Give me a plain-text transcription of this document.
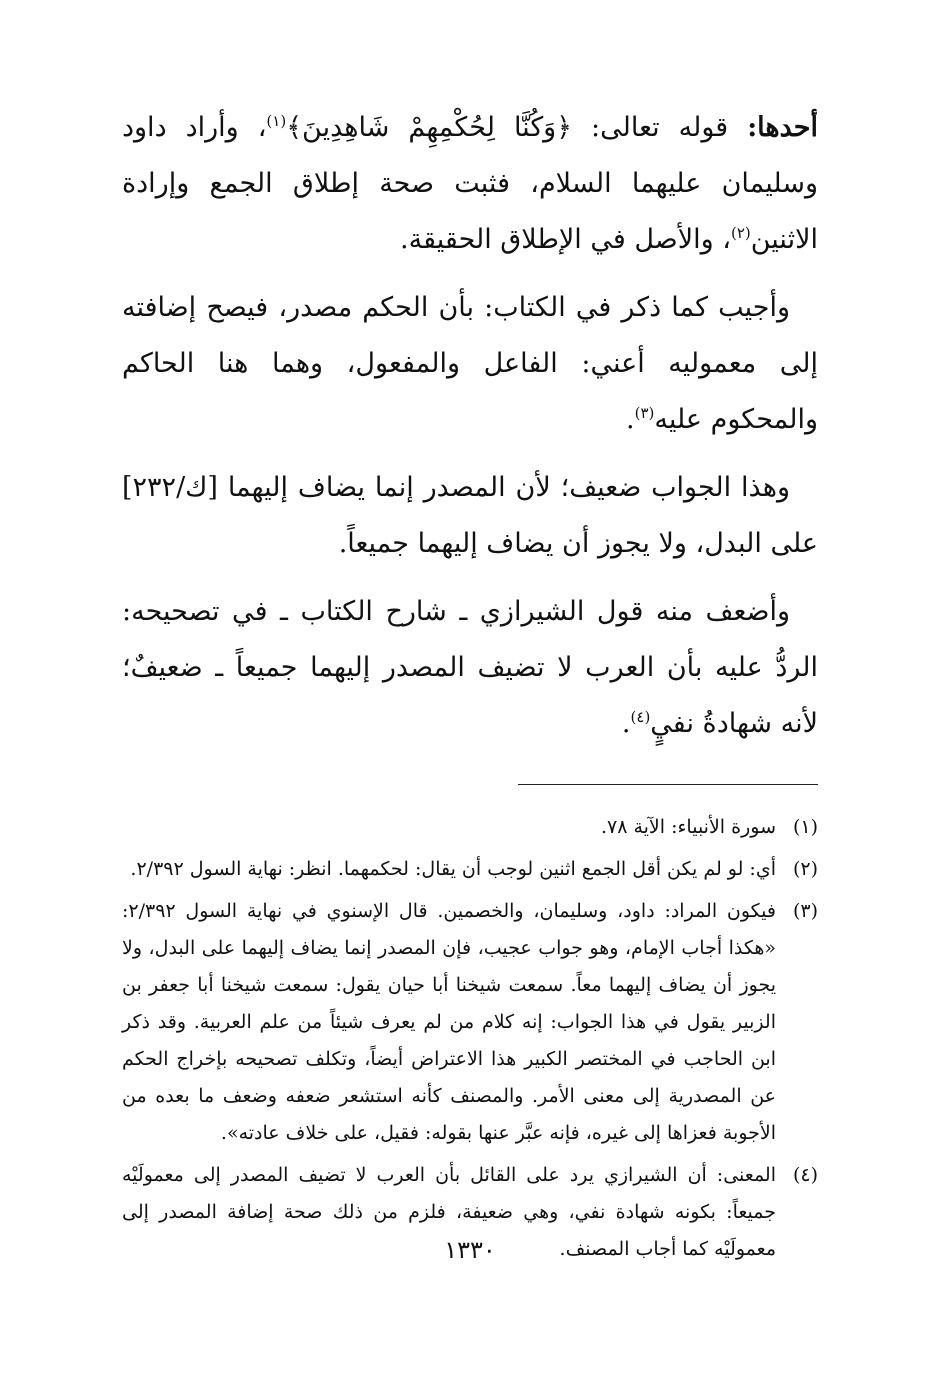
أحدها: قوله تعالى: ﴿وَكُنَّا لِحُكْمِهِمْ شَاهِدِينَ﴾$^{(١)}$، وأراد داود وسليمان عليهما السلام، فثبت صحة إطلاق الجمع وإرادة الاثنين$^{(٢)}$، والأصل في الإطلاق الحقيقة.

وأجيب كما ذكر في الكتاب: بأن الحكم مصدر، فيصح إضافته إلى معموليه أعني: الفاعل والمفعول، وهما هنا الحاكم والمحكوم عليه$^{(٣)}$.

وهذا الجواب ضعيف؛ لأن المصدر إنما يضاف إليهما [ك/٢٣٢] على البدل، ولا يجوز أن يضاف إليهما جميعاً.

وأضعف منه قول الشيرازي ـ شارح الكتاب ـ في تصحيحه: الردُّ عليه بأن العرب لا تضيف المصدر إليهما جميعاً ـ ضعيفٌ؛ لأنه شهادةُ نفيٍ$^{(٤)}$.

(١)
سورة الأنبياء: الآية ٧٨.
(٢)
أي: لو لم يكن أقل الجمع اثنين لوجب أن يقال: لحكمهما. انظر: نهاية السول ٢/٣٩٢.
(٣)
فيكون المراد: داود، وسليمان، والخصمين. قال الإسنوي في نهاية السول ٢/٣٩٢: «هكذا أجاب الإمام، وهو جواب عجيب، فإن المصدر إنما يضاف إليهما على البدل، ولا يجوز أن يضاف إليهما معاً. سمعت شيخنا أبا حيان يقول: سمعت شيخنا أبا جعفر بن الزبير يقول في هذا الجواب: إنه كلام من لم يعرف شيئاً من علم العربية. وقد ذكر ابن الحاجب في المختصر الكبير هذا الاعتراض أيضاً، وتكلف تصحيحه بإخراج الحكم عن المصدرية إلى معنى الأمر. والمصنف كأنه استشعر ضعفه وضعف ما بعده من الأجوبة فعزاها إلى غيره، فإنه عبَّر عنها بقوله: فقيل، على خلاف عادته».
(٤)
المعنى: أن الشيرازي يرد على القائل بأن العرب لا تضيف المصدر إلى معمولَيْه جميعاً: بكونه شهادة نفي، وهي ضعيفة، فلزم من ذلك صحة إضافة المصدر إلى معمولَيْه كما أجاب المصنف.
١٣٣٠
